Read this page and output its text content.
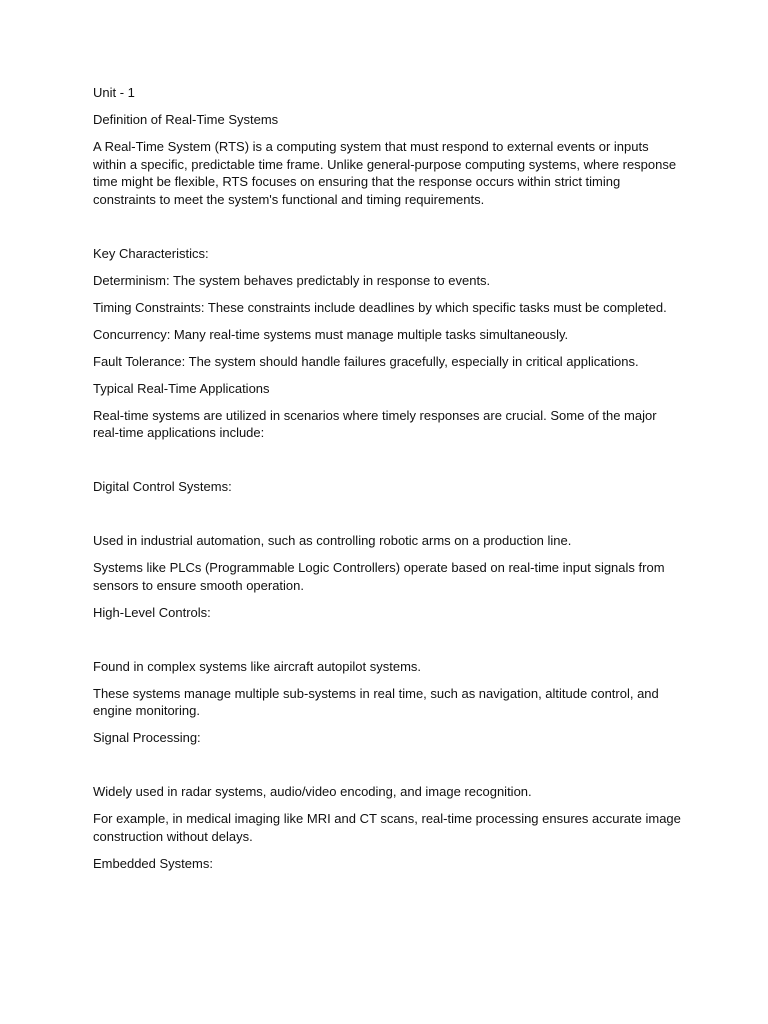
Unit - 1

Definition of Real-Time Systems

A Real-Time System (RTS) is a computing system that must respond to external events or inputs within a specific, predictable time frame. Unlike general-purpose computing systems, where response time might be flexible, RTS focuses on ensuring that the response occurs within strict timing constraints to meet the system's functional and timing requirements.

Key Characteristics:

Determinism: The system behaves predictably in response to events.

Timing Constraints: These constraints include deadlines by which specific tasks must be completed.

Concurrency: Many real-time systems must manage multiple tasks simultaneously.

Fault Tolerance: The system should handle failures gracefully, especially in critical applications.

Typical Real-Time Applications

Real-time systems are utilized in scenarios where timely responses are crucial. Some of the major real-time applications include:

Digital Control Systems:

Used in industrial automation, such as controlling robotic arms on a production line.

Systems like PLCs (Programmable Logic Controllers) operate based on real-time input signals from sensors to ensure smooth operation.

High-Level Controls:

Found in complex systems like aircraft autopilot systems.

These systems manage multiple sub-systems in real time, such as navigation, altitude control, and engine monitoring.

Signal Processing:

Widely used in radar systems, audio/video encoding, and image recognition.

For example, in medical imaging like MRI and CT scans, real-time processing ensures accurate image construction without delays.

Embedded Systems:
